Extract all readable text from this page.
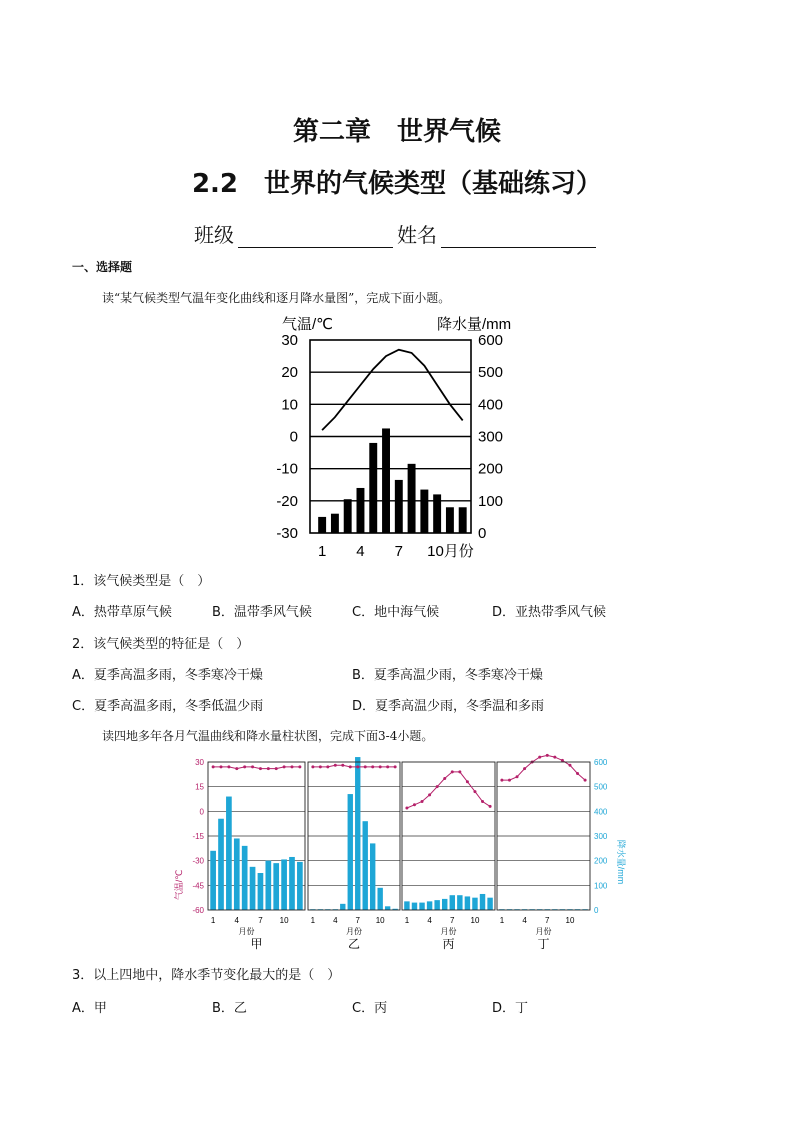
第二章　世界气候
2.2　世界的气候类型（基础练习）
班级	姓名
一、选择题
读“某气候类型气温年变化曲线和逐月降水量图”，完成下面小题。
气温/℃	降水量/mm
30	600
20	500
10	400
0	300
-10	200
-20	100
-30	0
1 4 7 10月份
1．该气候类型是（　）
A．热带草原气候	B．温带季风气候	C．地中海气候	D．亚热带季风气候
2．该气候类型的特征是（　）
A．夏季高温多雨，冬季寒冷干燥	B．夏季高温少雨，冬季寒冷干燥
C．夏季高温多雨，冬季低温少雨	D．夏季高温少雨，冬季温和多雨
读四地多年各月气温曲线和降水量柱状图，完成下面3-4小题。
气温/℃
降水量/mm
30	600
15	500
0	400
-15	300
-30	200
-45	100
-60	0
1 4 7 10
月份
甲
1 4 7 10
月份
乙
1 4 7 10
月份
丙
1 4 7 10
月份
丁
3．以上四地中，降水季节变化最大的是（　）
A．甲	B．乙	C．丙	D．丁
